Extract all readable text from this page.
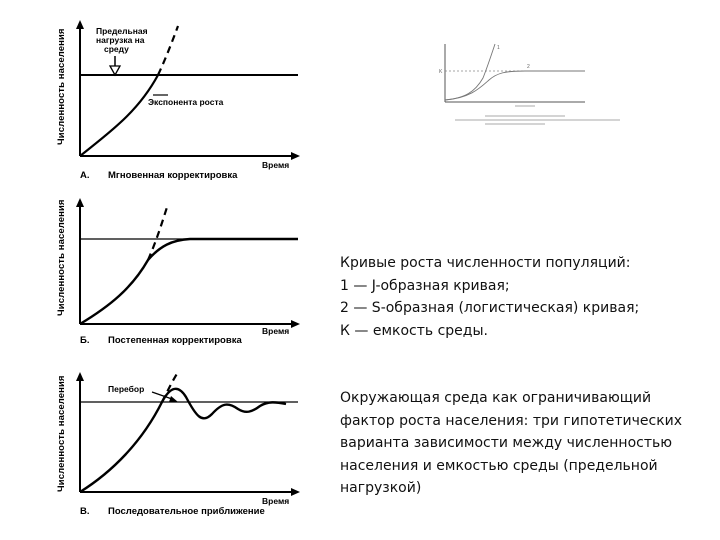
Численность населения	Предельная
нагрузка на
среду
Экспонента роста
Время
А. Мгновенная корректировка
Численность населения
Время
Б. Постепенная корректировка
Численность населения	Перебор
Время
В. Последовательное приближение
1
2
K
Кривые роста численности популяций:
1 — J-образная кривая;
2 — S-образная (логистическая) кривая;
К — емкость среды.
Окружающая среда как ограничивающий
фактор роста населения: три гипотетических
варианта зависимости между численностью
населения и емкостью среды (предельной
нагрузкой)
